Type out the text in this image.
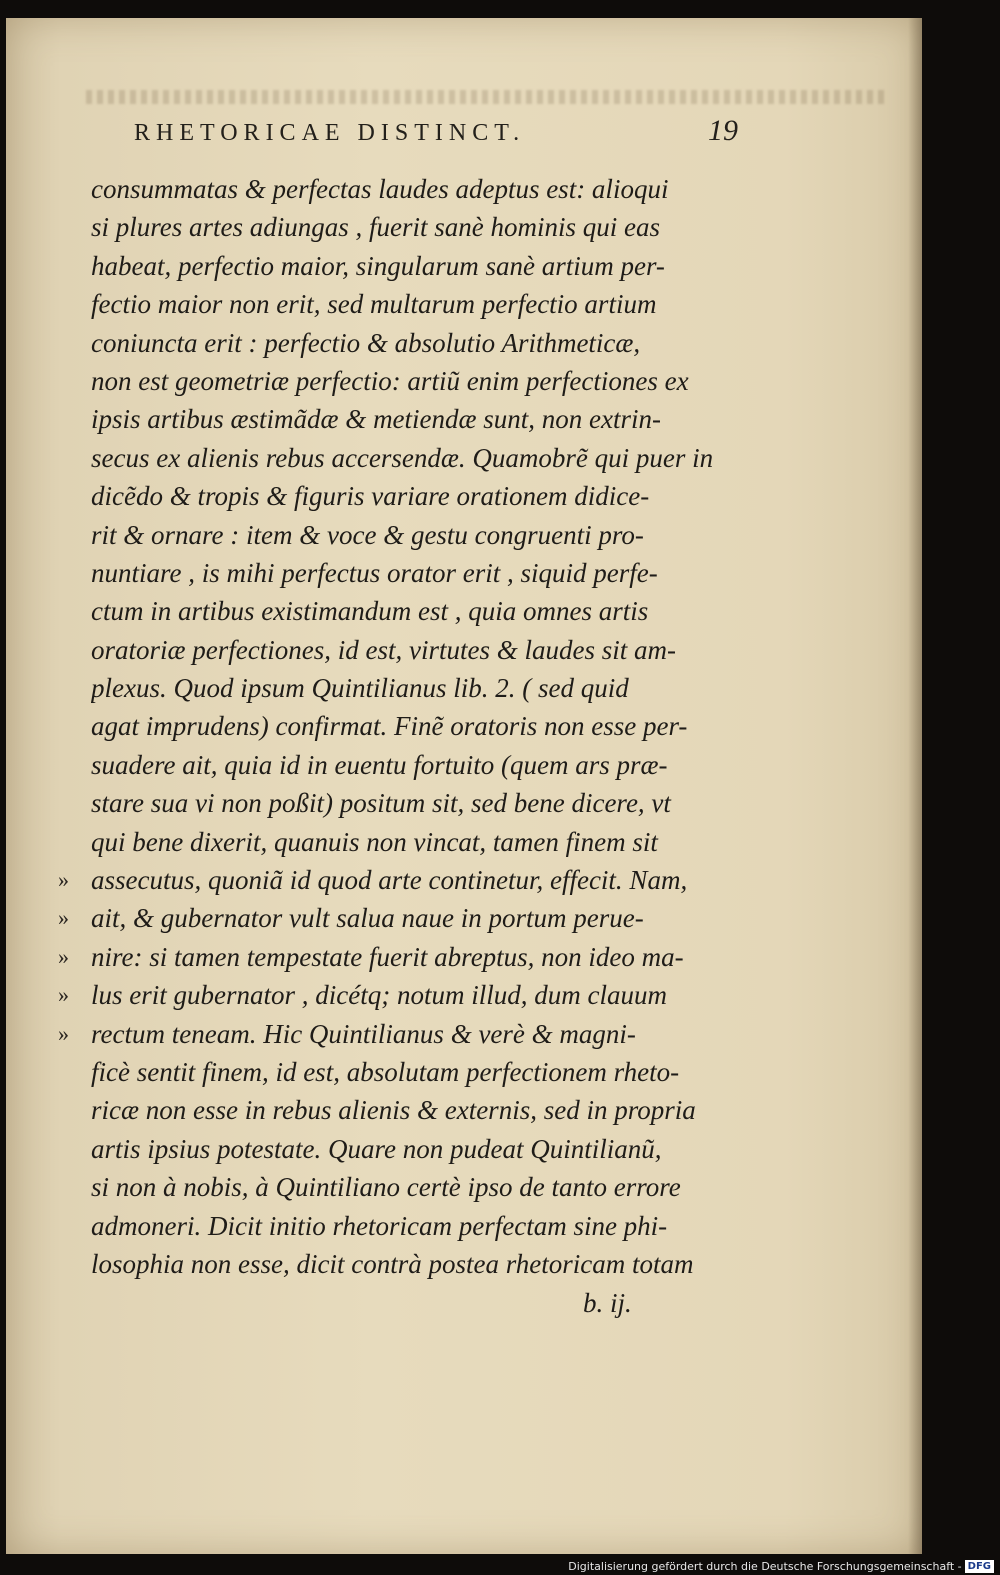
RHETORICAE DISTINCT.	19
»
»
»
»
»
consummatas & perfectas laudes adeptus est: alioqui
si plures artes adiungas , fuerit sanè hominis qui eas
habeat, perfectio maior, singularum sanè artium per-
fectio maior non erit, sed multarum perfectio artium
coniuncta erit : perfectio & absolutio Arithmeticæ,
non est geometriæ perfectio: artiũ enim perfectiones ex
ipsis artibus æstimãdæ & metiendæ sunt, non extrin-
secus ex alienis rebus accersendæ. Quamobrẽ qui puer in
dicẽdo & tropis & figuris variare orationem didice-
rit & ornare : item & voce & gestu congruenti pro-
nuntiare , is mihi perfectus orator erit , siquid perfe-
ctum in artibus existimandum est , quia omnes artis
oratoriæ perfectiones, id est, virtutes & laudes sit am-
plexus. Quod ipsum Quintilianus lib. 2. ( sed quid
agat imprudens) confirmat. Finẽ oratoris non esse per-
suadere ait, quia id in euentu fortuito (quem ars præ-
stare sua vi non poßit) positum sit, sed bene dicere, vt
qui bene dixerit, quanuis non vincat, tamen finem sit
assecutus, quoniã id quod arte continetur, effecit. Nam,
ait, & gubernator vult salua naue in portum perue-
nire: si tamen tempestate fuerit abreptus, non ideo ma-
lus erit gubernator , dicétq; notum illud, dum clauum
rectum teneam. Hic Quintilianus & verè & magni-
ficè sentit finem, id est, absolutam perfectionem rheto-
ricæ non esse in rebus alienis & externis, sed in propria
artis ipsius potestate. Quare non pudeat Quintilianũ,
si non à nobis, à Quintiliano certè ipso de tanto errore
admoneri. Dicit initio rhetoricam perfectam sine phi-
losophia non esse, dicit contrà postea rhetoricam totam
b. ij.
Digitalisierung gefördert durch die Deutsche Forschungsgemeinschaft - DFG
